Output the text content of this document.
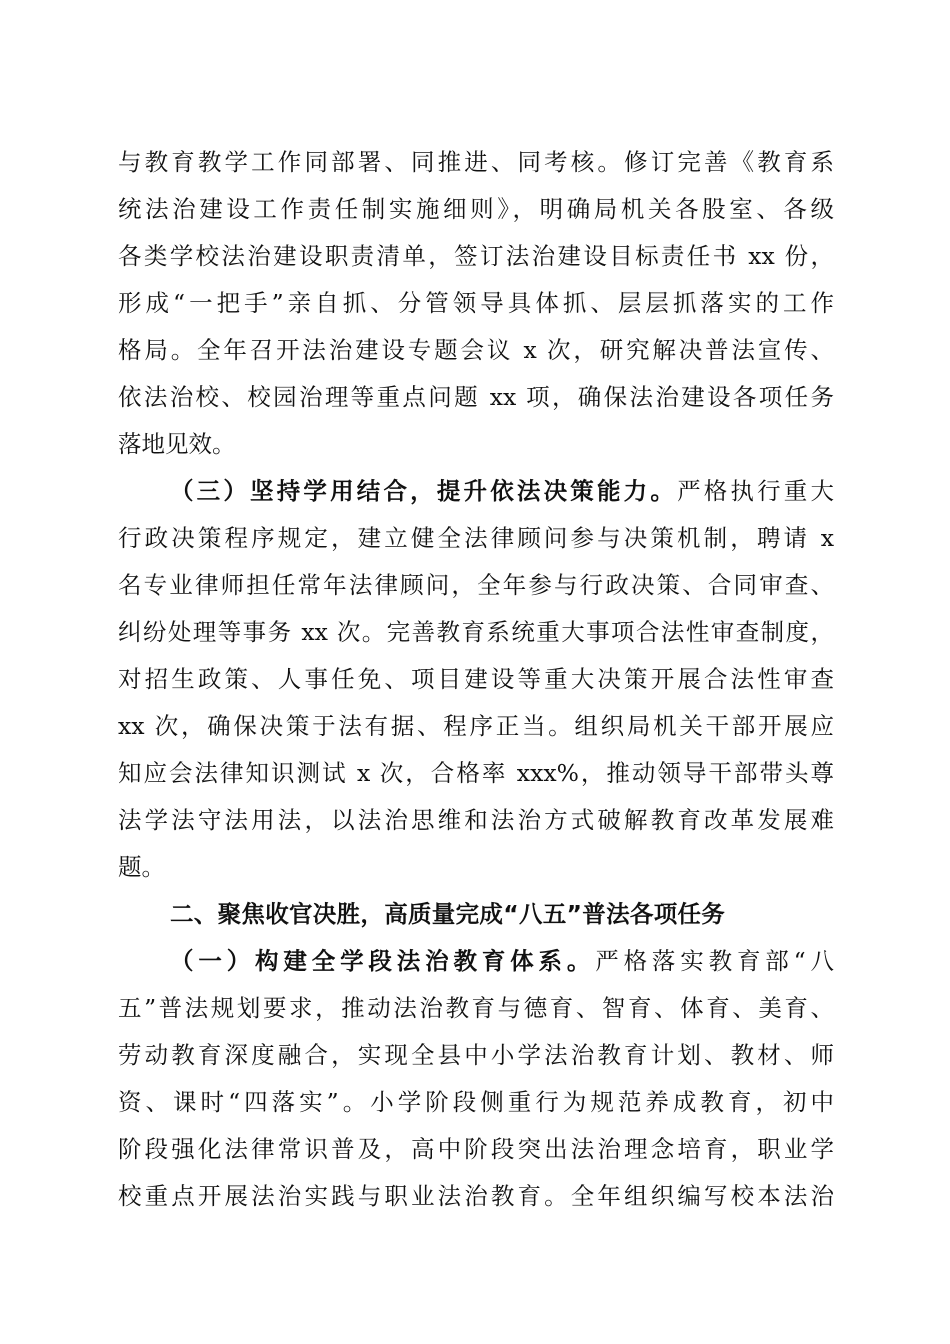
与教育教学工作同部署、同推进、同考核。修订完善《教育系
统法治建设工作责任制实施细则》，明确局机关各股室、各级
各类学校法治建设职责清单，签订法治建设目标责任书 xx 份，
形成“一把手”亲自抓、分管领导具体抓、层层抓落实的工作
格局。全年召开法治建设专题会议 x 次，研究解决普法宣传、
依法治校、校园治理等重点问题 xx 项，确保法治建设各项任务
落地见效。
（三）坚持学用结合，提升依法决策能力。严格执行重大
行政决策程序规定，建立健全法律顾问参与决策机制，聘请 x
名专业律师担任常年法律顾问，全年参与行政决策、合同审查、
纠纷处理等事务 xx 次。完善教育系统重大事项合法性审查制度，
对招生政策、人事任免、项目建设等重大决策开展合法性审查
xx 次，确保决策于法有据、程序正当。组织局机关干部开展应
知应会法律知识测试 x 次，合格率 xxx%，推动领导干部带头尊
法学法守法用法，以法治思维和法治方式破解教育改革发展难
题。
二、聚焦收官决胜，高质量完成“八五”普法各项任务
（一）构建全学段法治教育体系。严格落实教育部“八
五”普法规划要求，推动法治教育与德育、智育、体育、美育、
劳动教育深度融合，实现全县中小学法治教育计划、教材、师
资、课时“四落实”。小学阶段侧重行为规范养成教育，初中
阶段强化法律常识普及，高中阶段突出法治理念培育，职业学
校重点开展法治实践与职业法治教育。全年组织编写校本法治
